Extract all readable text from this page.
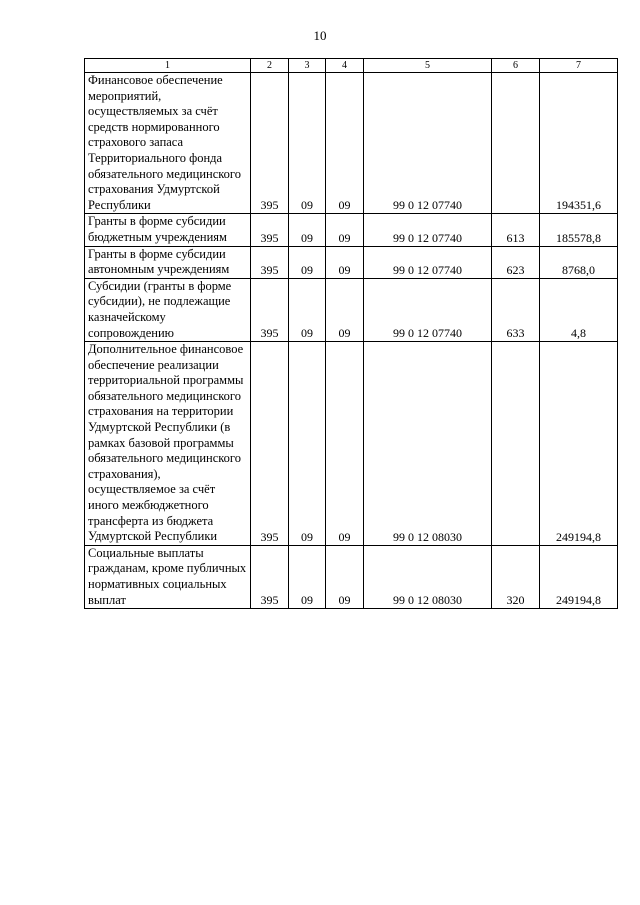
10
1	2	3	4	5	6	7
Финансовое обеспечение мероприятий, осуществляемых за счёт средств нормированного страхового запаса Территориального фонда обязательного медицинского страхования Удмуртской Республики	395	09	09	99 0 12 07740		194351,6
Гранты в форме субсидии бюджетным учреждениям	395	09	09	99 0 12 07740	613	185578,8
Гранты в форме субсидии автономным учреждениям	395	09	09	99 0 12 07740	623	8768,0
Субсидии (гранты в форме субсидии), не подлежащие казначейскому сопровождению	395	09	09	99 0 12 07740	633	4,8
Дополнительное финансовое обеспечение реализации территориальной программы обязательного медицинского страхования на территории Удмуртской Республики (в рамках базовой программы обязательного медицинского страхования), осуществляемое за счёт иного межбюджетного трансферта из бюджета Удмуртской Республики	395	09	09	99 0 12 08030		249194,8
Социальные выплаты гражданам, кроме публичных нормативных социальных выплат	395	09	09	99 0 12 08030	320	249194,8
